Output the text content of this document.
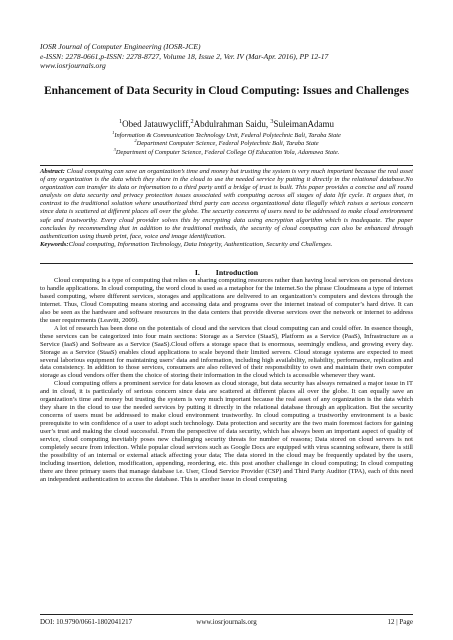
IOSR Journal of Computer Engineering (IOSR-JCE)
e-ISSN: 2278-0661,p-ISSN: 2278-8727, Volume 18, Issue 2, Ver. IV (Mar-Apr. 2016), PP 12-17
www.iosrjournals.org
Enhancement of Data Security in Cloud Computing: Issues and Challenges
$^1$Obed Jatauwycliff,$^2$Abdulrahman Saidu, $^3$SuleimanAdamu
$^1$Information & Communication Technology Unit, Federal Polytechnic Bali, Taraba State
$^2$Department Computer Science, Federal Polytechnic Bali, Taraba State
$^3$Department of Computer Science, Federal College Of Education Yola, Adamawa State.
Abstract: Cloud computing can save an organization’s time and money but trusting the system is very much important because the real asset of any organization is the data which they share in the cloud to use the needed service by putting it directly in the relational database.No organization can transfer its data or information to a third party until a bridge of trust is built. This paper provides a concise and all round analysis on data security and privacy protection issues associated with computing across all stages of data life cycle. It argues that, in contrast to the traditional solution where unauthorized third party can access organizational data illegally which raises a serious concern since data is scattered at different places all over the globe. The security concerns of users need to be addressed to make cloud environment safe and trustworthy. Every cloud provider solves this by encrypting data using encryption algorithm which is inadequate. The paper concludes by recommending that in addition to the traditional methods, the security of cloud computing can also be enhanced through authentication using thumb print, face, voice and image identification.
Keywords:Cloud computing, Information Technology, Data Integrity, Authentication, Security and Challenges.
I. Introduction

Cloud computing is a type of computing that relies on sharing computing resources rather than having local services on personal devices to handle applications. In cloud computing, the word cloud is used as a metaphor for the internet.So the phrase Cloudmeans a type of internet based computing, where different services, storages and applications are delivered to an organization’s computers and devices through the internet. Thus, Cloud Computing means storing and accessing data and programs over the internet instead of computer’s hard drive. It can also be seen as the hardware and software resources in the data centers that provide diverse services over the network or internet to address the user requirements (Leavitt, 2009).

A lot of research has been done on the potentials of cloud and the services that cloud computing can and could offer. In essence though, these services can be categorized into four main sections: Storage as a Service (StaaS), Platform as a Service (PaaS), Infrastructure as a Service (IaaS) and Software as a Service (SaaS).Cloud offers a storage space that is enormous, seemingly endless, and growing every day. Storage as a Service (StaaS) enables cloud applications to scale beyond their limited servers. Cloud storage systems are expected to meet several laborious equipment for maintaining users’ data and information, including high availability, reliability, performance, replication and data consistency. In addition to those services, consumers are also relieved of their responsibility to own and maintain their own computer storage as cloud vendors offer them the choice of storing their information in the cloud which is accessible whenever they want.

Cloud computing offers a prominent service for data known as cloud storage, but data security has always remained a major issue in IT and in cloud, it is particularly of serious concern since data are scattered at different places all over the globe. It can equally save an organization’s time and money but trusting the system is very much important because the real asset of any organization is the data which they share in the cloud to use the needed services by putting it directly in the relational database through an application. But the security concerns of users must be addressed to make cloud environment trustworthy. In cloud computing a trustworthy environment is a basic prerequisite to win confidence of a user to adopt such technology. Data protection and security are the two main foremost factors for gaining user’s trust and making the cloud successful. From the perspective of data security, which has always been an important aspect of quality of service, cloud computing inevitably poses new challenging security threats for number of reasons; Data stored on cloud servers is not completely secure from infection. While popular cloud services such as Google Docs are equipped with virus scanning software, there is still the possibility of an internal or external attack affecting your data; The data stored in the cloud may be frequently updated by the users, including insertion, deletion, modification, appending, reordering, etc. this post another challenge in cloud computing; In cloud computing there are three primary users that manage database i.e. User, Cloud Service Provider (CSP) and Third Party Auditor (TPA), each of this need an independent authentication to access the database. This is another issue in cloud computing

DOI: 10.9790/0661-1802041217	www.iosrjournals.org	12 | Page
